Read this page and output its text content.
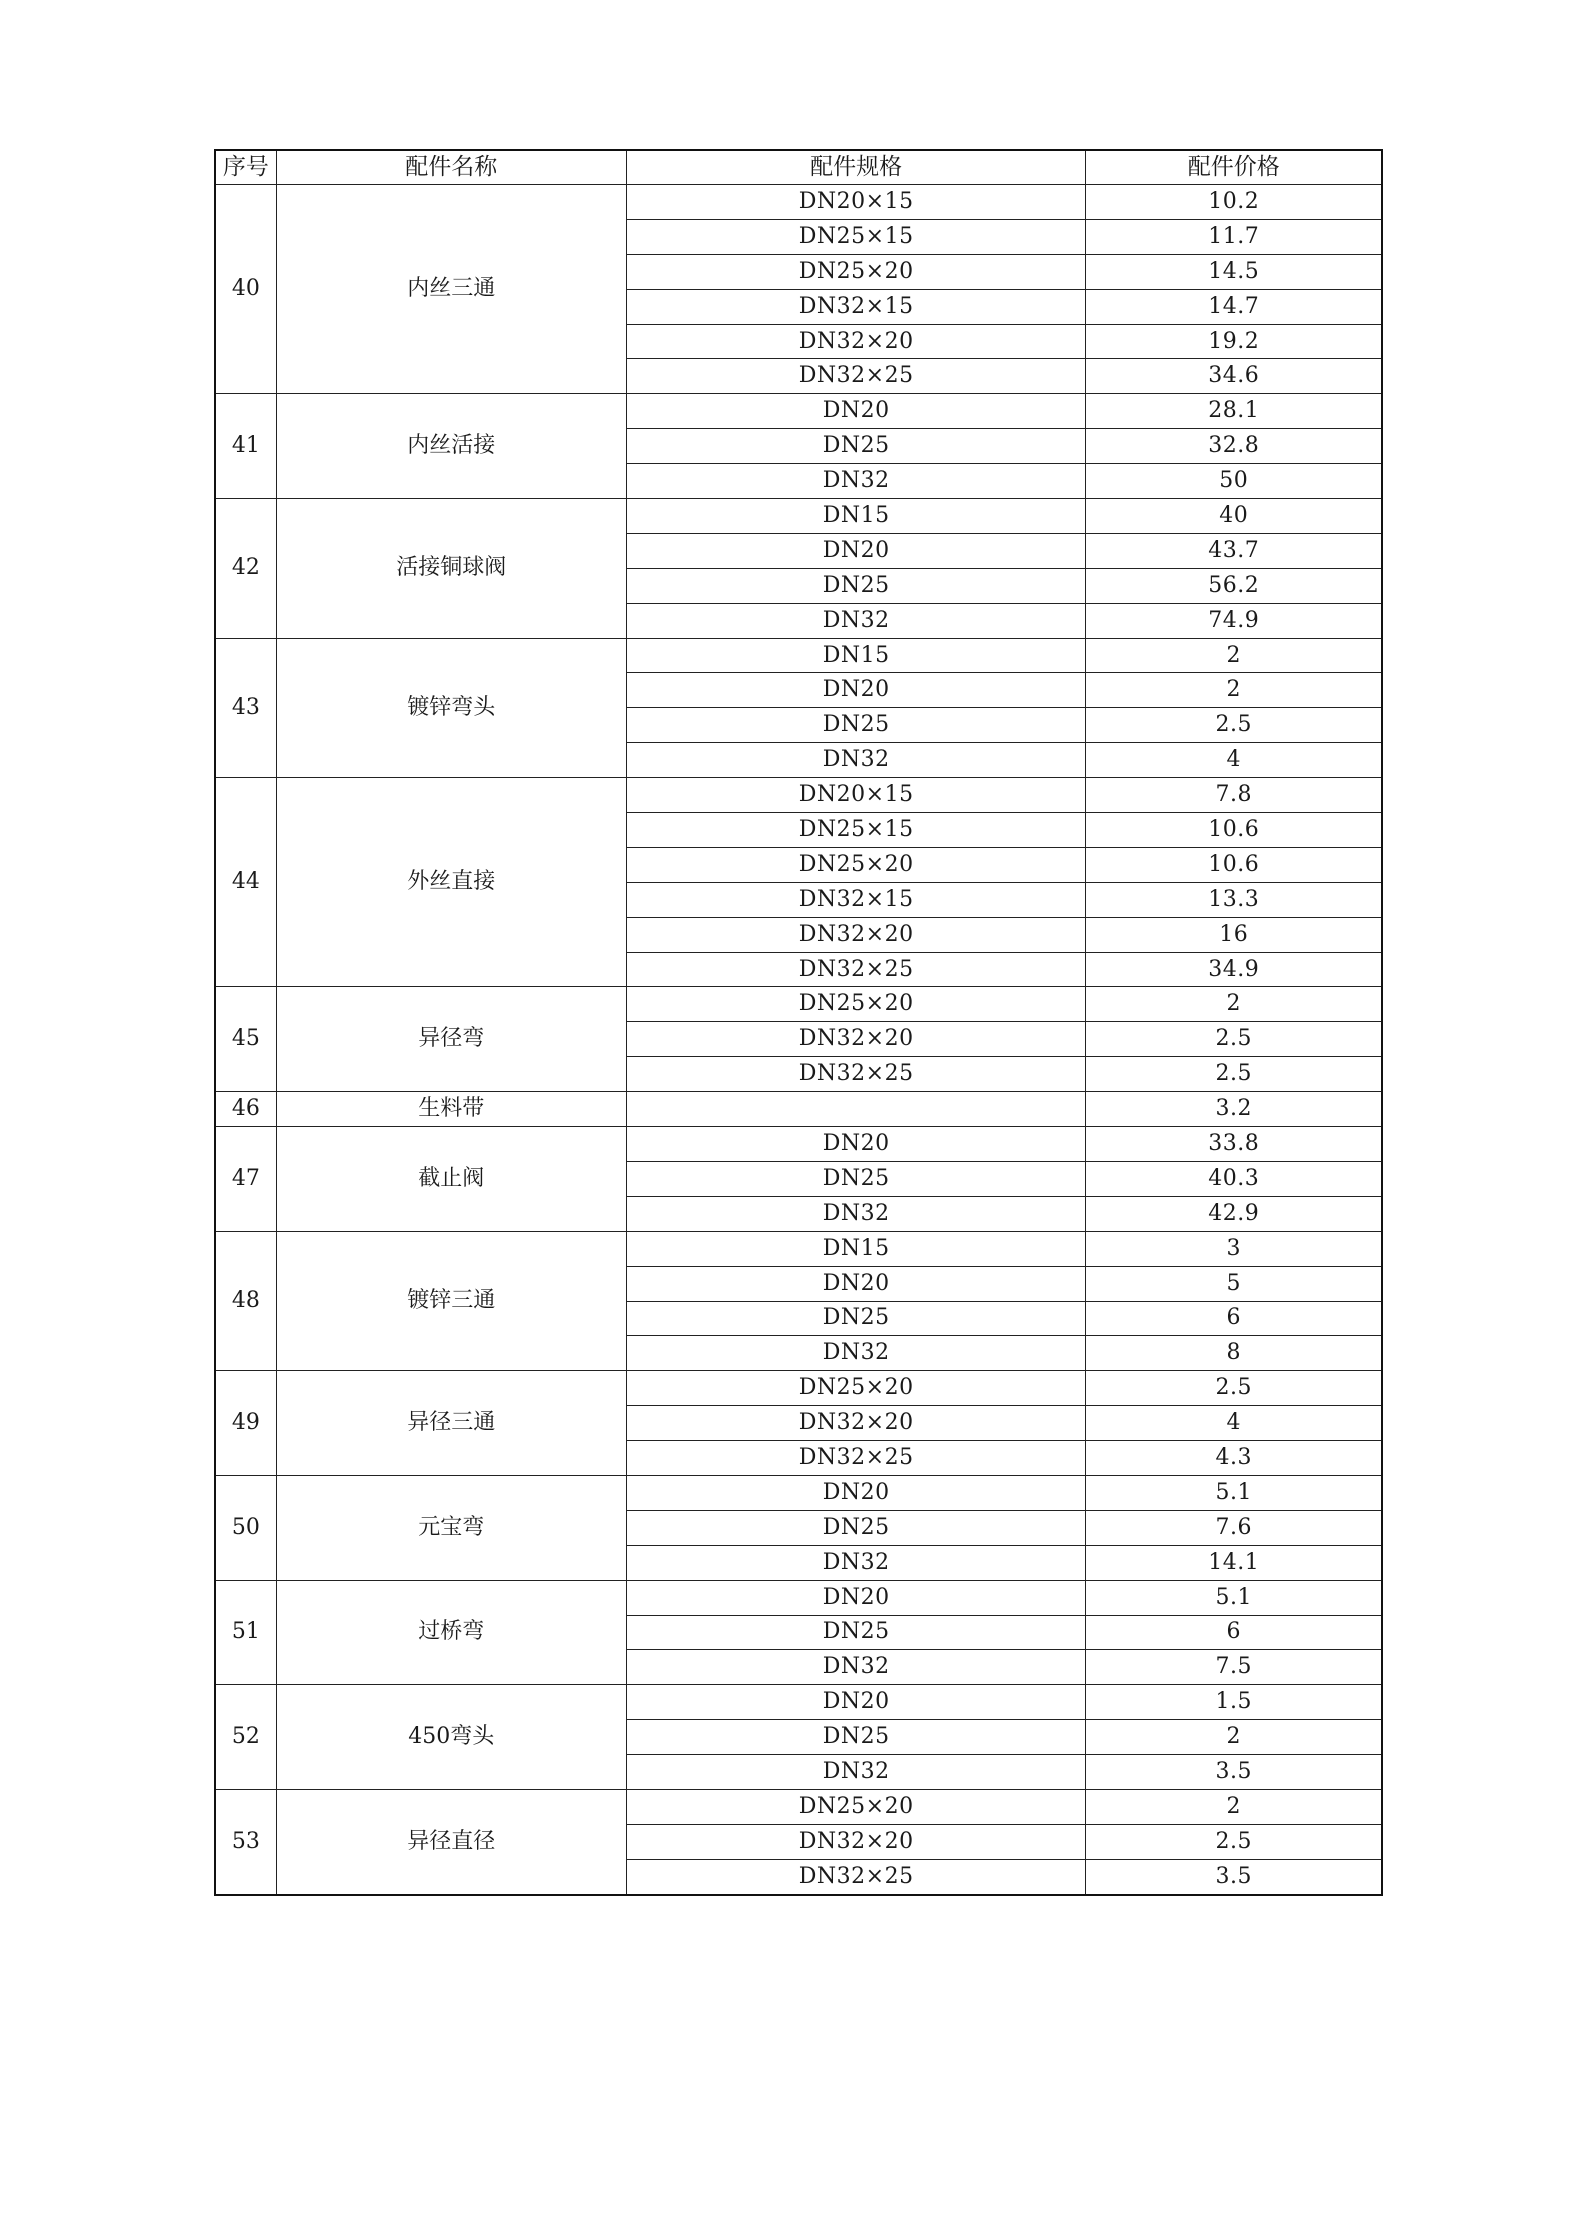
序号	配件名称	配件规格	配件价格
40	内丝三通	DN20×15	10.2
		DN25×15	11.7
		DN25×20	14.5
		DN32×15	14.7
		DN32×20	19.2
		DN32×25	34.6
41	内丝活接	DN20	28.1
		DN25	32.8
		DN32	50
42	活接铜球阀	DN15	40
		DN20	43.7
		DN25	56.2
		DN32	74.9
43	镀锌弯头	DN15	2
		DN20	2
		DN25	2.5
		DN32	4
44	外丝直接	DN20×15	7.8
		DN25×15	10.6
		DN25×20	10.6
		DN32×15	13.3
		DN32×20	16
		DN32×25	34.9
45	异径弯	DN25×20	2
		DN32×20	2.5
		DN32×25	2.5
46	生料带		3.2
47	截止阀	DN20	33.8
		DN25	40.3
		DN32	42.9
48	镀锌三通	DN15	3
		DN20	5
		DN25	6
		DN32	8
49	异径三通	DN25×20	2.5
		DN32×20	4
		DN32×25	4.3
50	元宝弯	DN20	5.1
		DN25	7.6
		DN32	14.1
51	过桥弯	DN20	5.1
		DN25	6
		DN32	7.5
52	450弯头	DN20	1.5
		DN25	2
		DN32	3.5
53	异径直径	DN25×20	2
		DN32×20	2.5
		DN32×25	3.5
